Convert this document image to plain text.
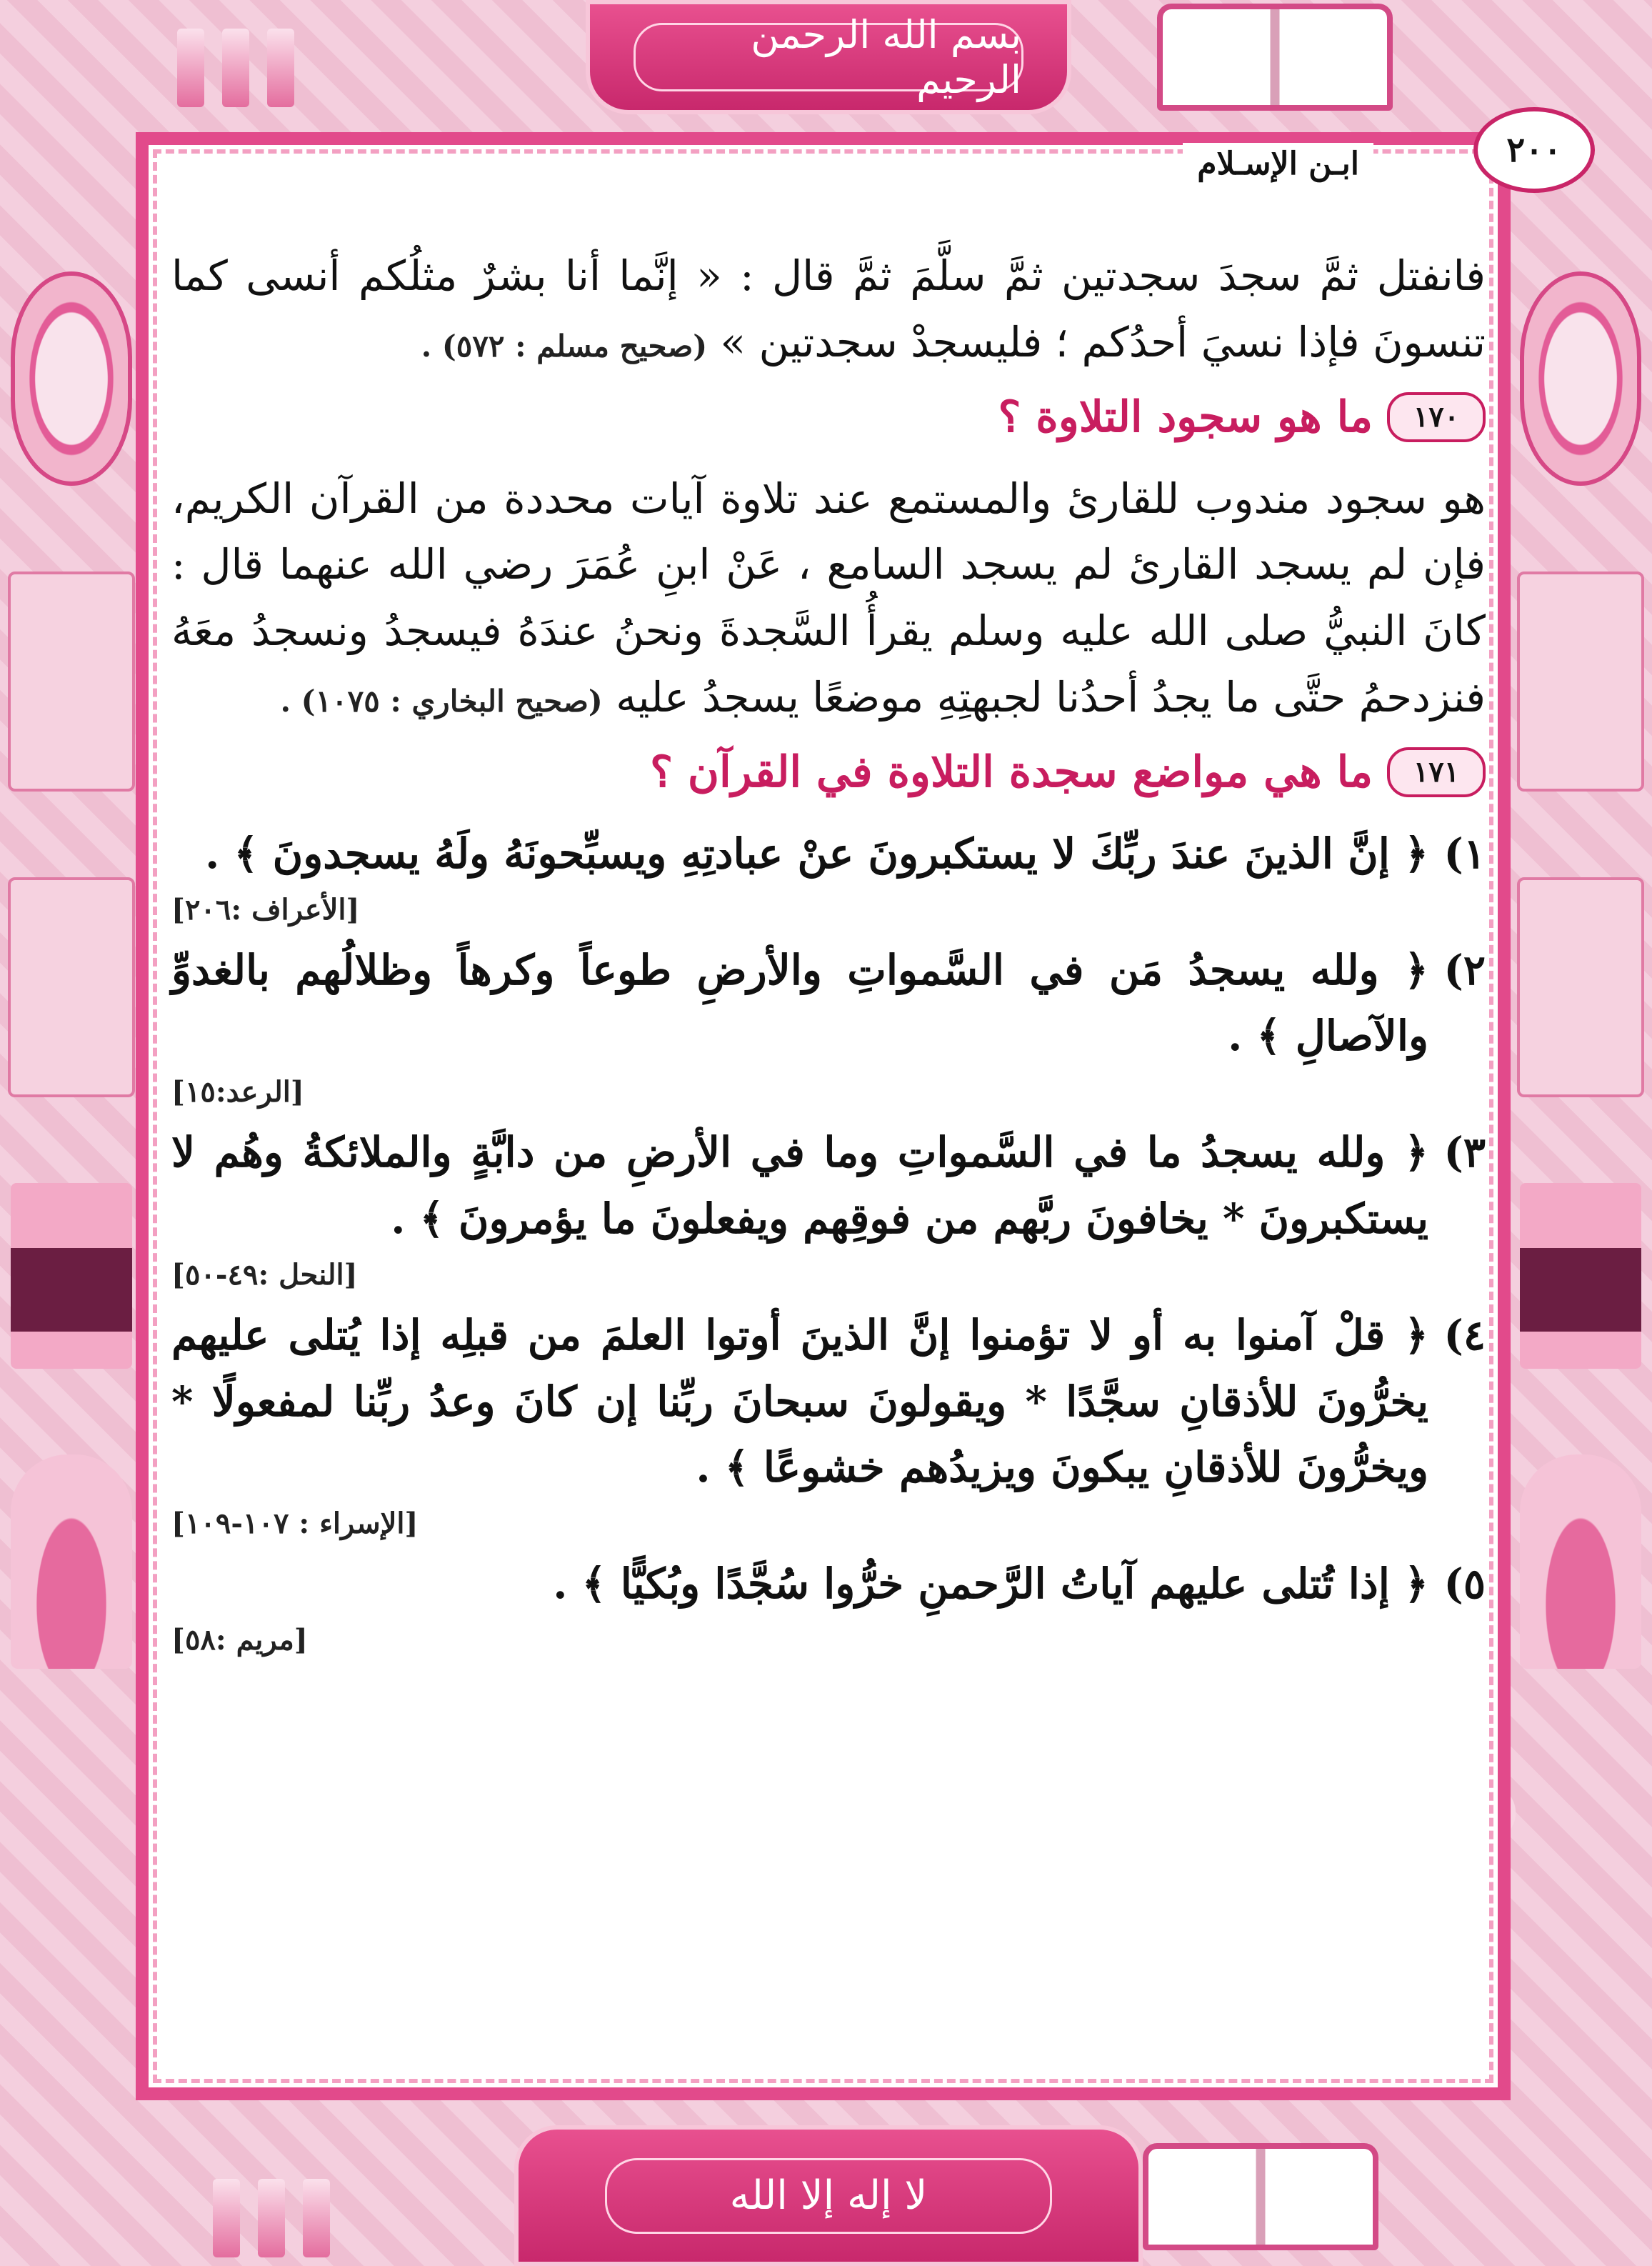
بسم الله الرحمن الرحيم
لا إله إلا الله
٢٠٠
ابـن الإسـلام

فانفتل ثمَّ سجدَ سجدتين ثمَّ سلَّمَ ثمَّ قال : « إنَّما أنا بشرٌ مثلُكم أنسى كما تنسونَ فإذا نسيَ أحدُكم ؛ فليسجدْ سجدتين » (صحيح مسلم : ٥٧٢) .

١٧٠
ما هو سجود التلاوة ؟

هو سجود مندوب للقارئ والمستمع عند تلاوة آيات محددة من القرآن الكريم، فإن لم يسجد القارئ لم يسجد السامع ، عَنْ ابنِ عُمَرَ رضي الله عنهما قال : كانَ النبيُّ صلى الله عليه وسلم يقرأُ السَّجدةَ ونحنُ عندَهُ فيسجدُ ونسجدُ معَهُ فنزدحمُ حتَّى ما يجدُ أحدُنا لجبهتِهِ موضعًا يسجدُ عليه (صحيح البخاري : ١٠٧٥) .

١٧١
ما هي مواضع سجدة التلاوة في القرآن ؟
١)
﴿ إنَّ الذينَ عندَ ربِّكَ لا يستكبرونَ عنْ عبادتِهِ ويسبِّحونَهُ ولَهُ يسجدونَ ﴾ .
[الأعراف :٢٠٦]
٢)
﴿ ولله يسجدُ مَن في السَّمواتِ والأرضِ طوعاً وكرهاً وظلالُهم بالغدوِّ والآصالِ ﴾ .
[الرعد:١٥]
٣)
﴿ ولله يسجدُ ما في السَّمواتِ وما في الأرضِ من دابَّةٍ والملائكةُ وهُم لا يستكبرونَ * يخافونَ ربَّهم من فوقِهم ويفعلونَ ما يؤمرونَ ﴾ .
[النحل :٤٩-٥٠]
٤)
﴿ قلْ آمنوا به أو لا تؤمنوا إنَّ الذينَ أوتوا العلمَ من قبلِه إذا يُتلى عليهم يخرُّونَ للأذقانِ سجَّدًا * ويقولونَ سبحانَ ربِّنا إن كانَ وعدُ ربِّنا لمفعولًا * ويخرُّونَ للأذقانِ يبكونَ ويزيدُهم خشوعًا ﴾ .
[الإسراء : ١٠٧-١٠٩]
٥)
﴿ إذا تُتلى عليهم آياتُ الرَّحمنِ خرُّوا سُجَّدًا وبُكيًّا ﴾ .
[مريم :٥٨]
